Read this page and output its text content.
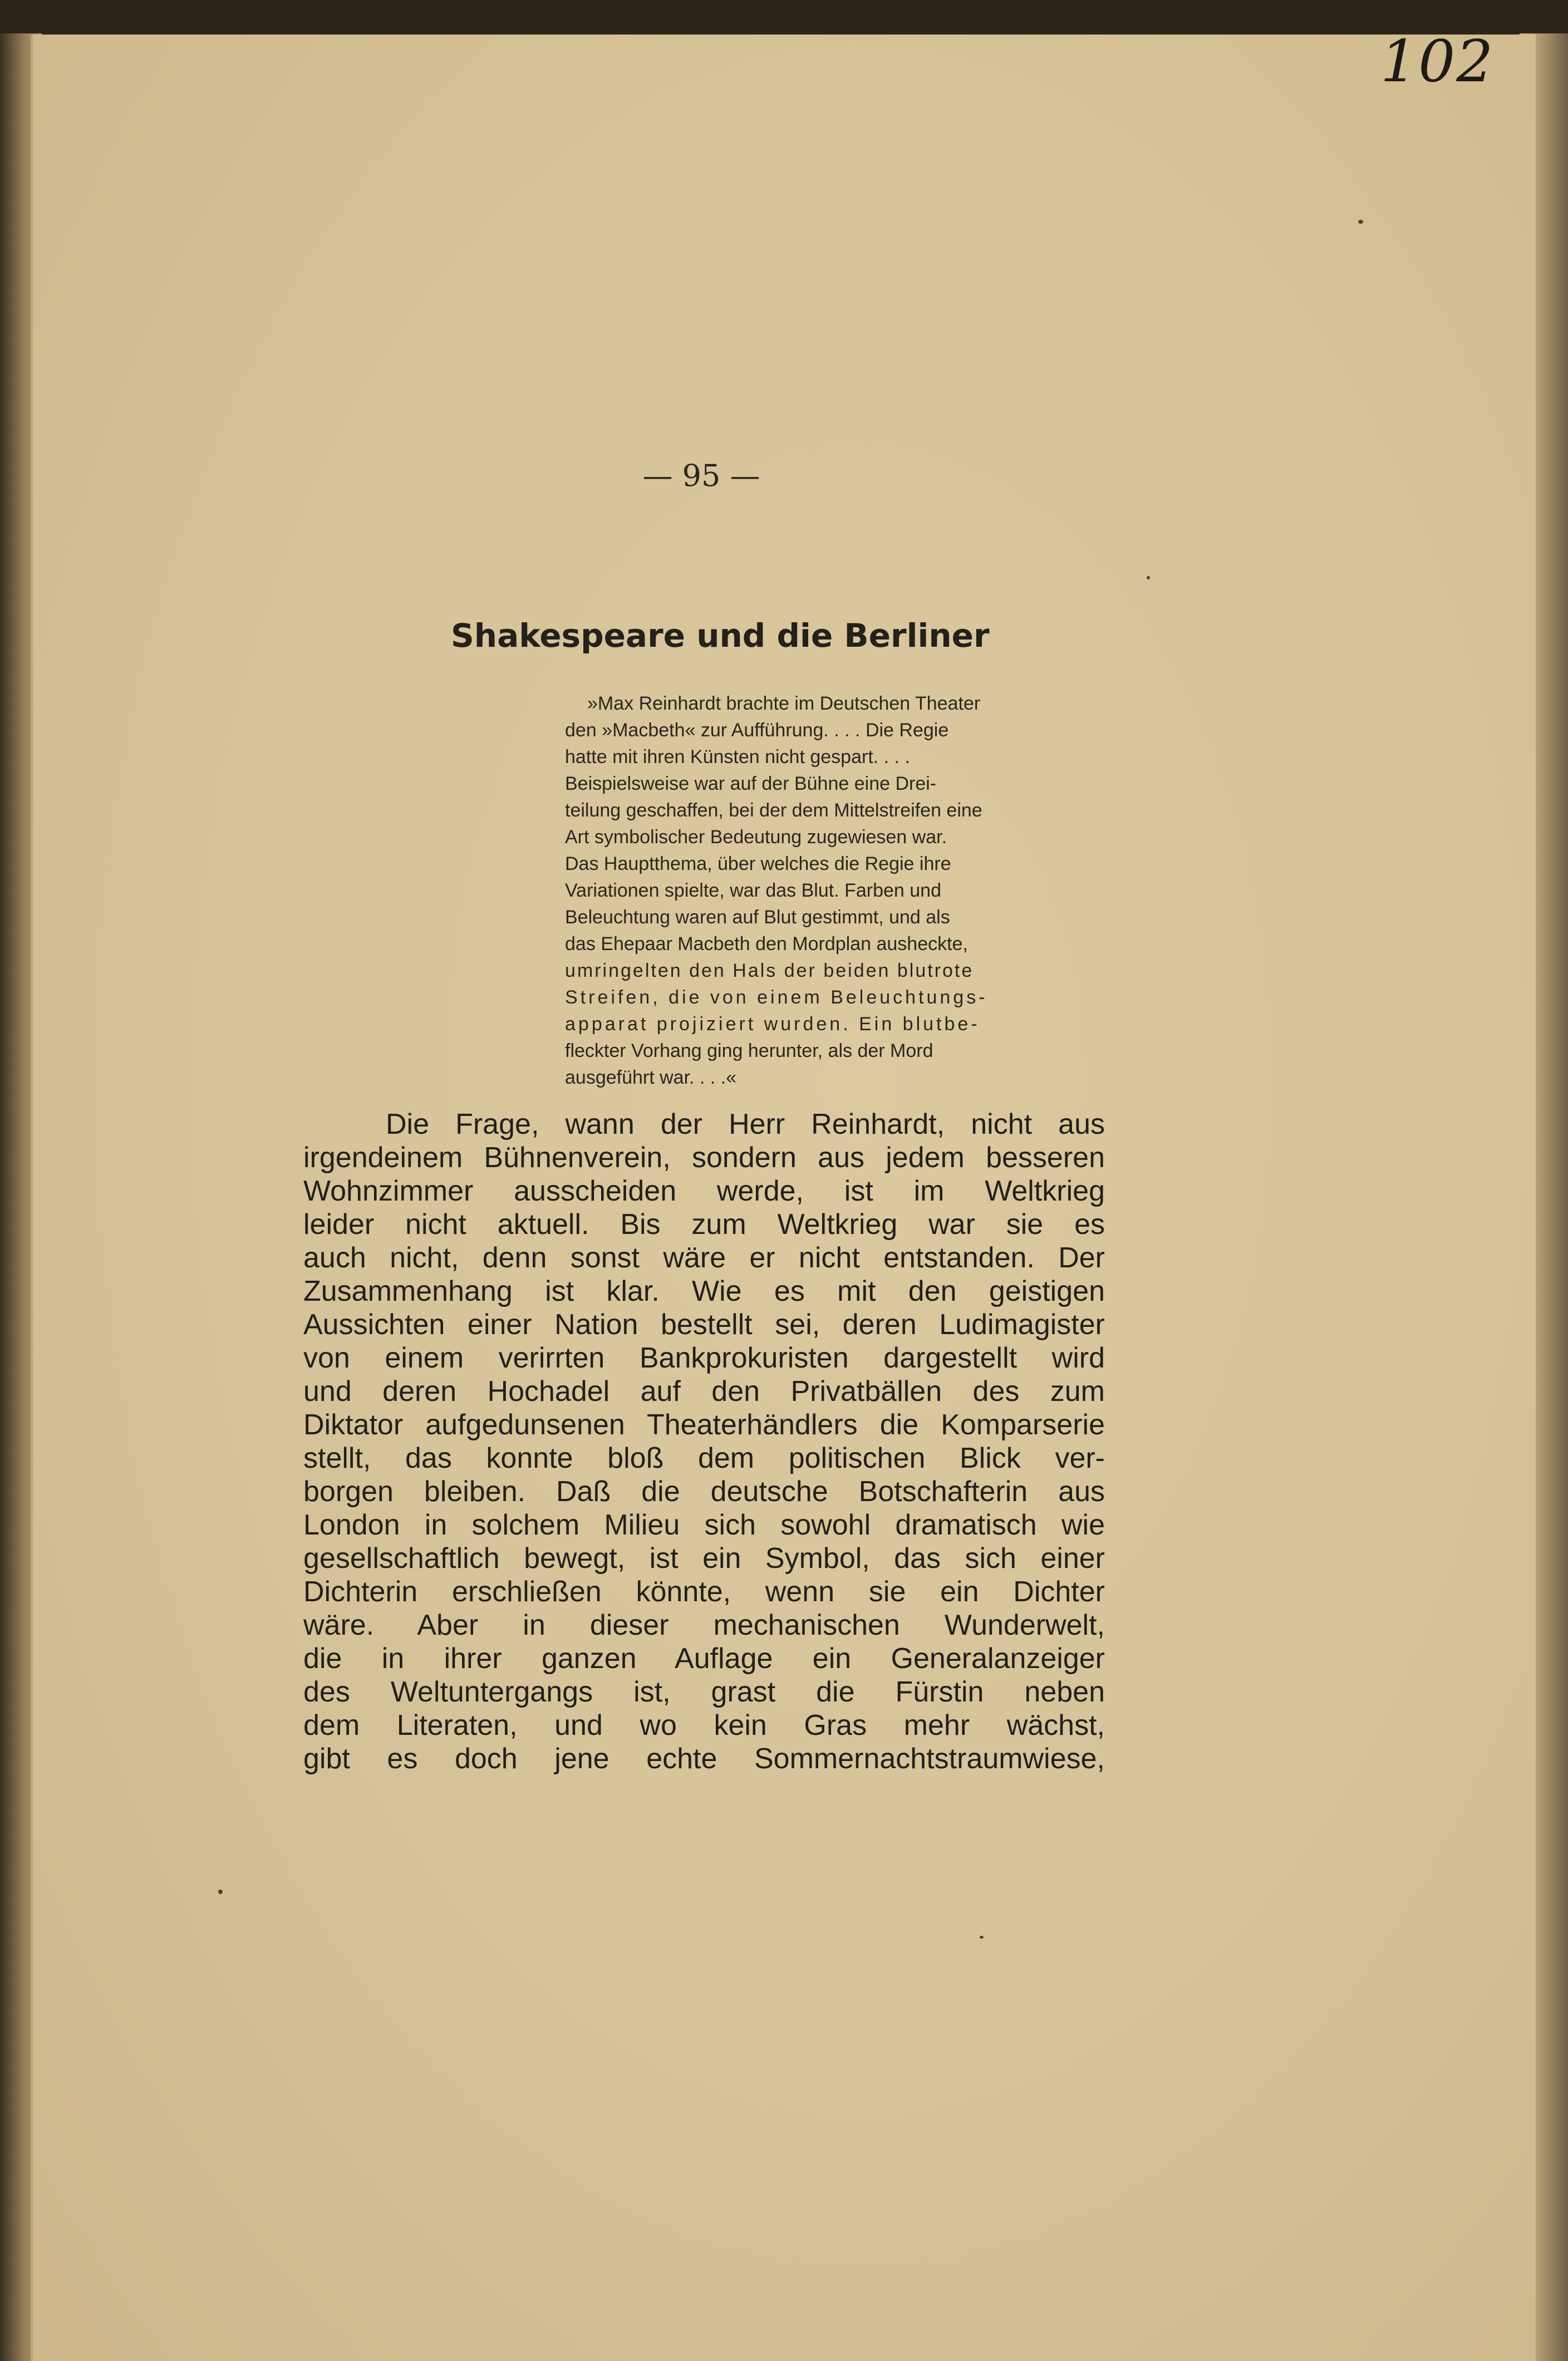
102
— 95 —
Shakespeare und die Berliner
»Max Reinhardt brachte im Deutschen Theater
den »Macbeth« zur Aufführung. . . . Die Regie
hatte mit ihren Künsten nicht gespart. . . .
Beispielsweise war auf der Bühne eine Drei-
teilung geschaffen, bei der dem Mittelstreifen eine
Art symbolischer Bedeutung zugewiesen war.
Das Hauptthema, über welches die Regie ihre
Variationen spielte, war das Blut. Farben und
Beleuchtung waren auf Blut gestimmt, und als
das Ehepaar Macbeth den Mordplan ausheckte,
umringelten den Hals der beiden blutrote
Streifen, die von einem Beleuchtungs-
apparat projiziert wurden. Ein blutbe-
fleckter Vorhang ging herunter, als der Mord
ausgeführt war. . . .«
Die Frage, wann der Herr Reinhardt, nicht aus
irgendeinem Bühnenverein, sondern aus jedem besseren
Wohnzimmer ausscheiden werde, ist im Weltkrieg
leider nicht aktuell. Bis zum Weltkrieg war sie es
auch nicht, denn sonst wäre er nicht entstanden. Der
Zusammenhang ist klar. Wie es mit den geistigen
Aussichten einer Nation bestellt sei, deren Ludimagister
von einem verirrten Bankprokuristen dargestellt wird
und deren Hochadel auf den Privatbällen des zum
Diktator aufgedunsenen Theaterhändlers die Komparserie
stellt, das konnte bloß dem politischen Blick ver-
borgen bleiben. Daß die deutsche Botschafterin aus
London in solchem Milieu sich sowohl dramatisch wie
gesellschaftlich bewegt, ist ein Symbol, das sich einer
Dichterin erschließen könnte, wenn sie ein Dichter
wäre. Aber in dieser mechanischen Wunderwelt,
die in ihrer ganzen Auflage ein Generalanzeiger
des Weltuntergangs ist, grast die Fürstin neben
dem Literaten, und wo kein Gras mehr wächst,
gibt es doch jene echte Sommernachtstraumwiese,
